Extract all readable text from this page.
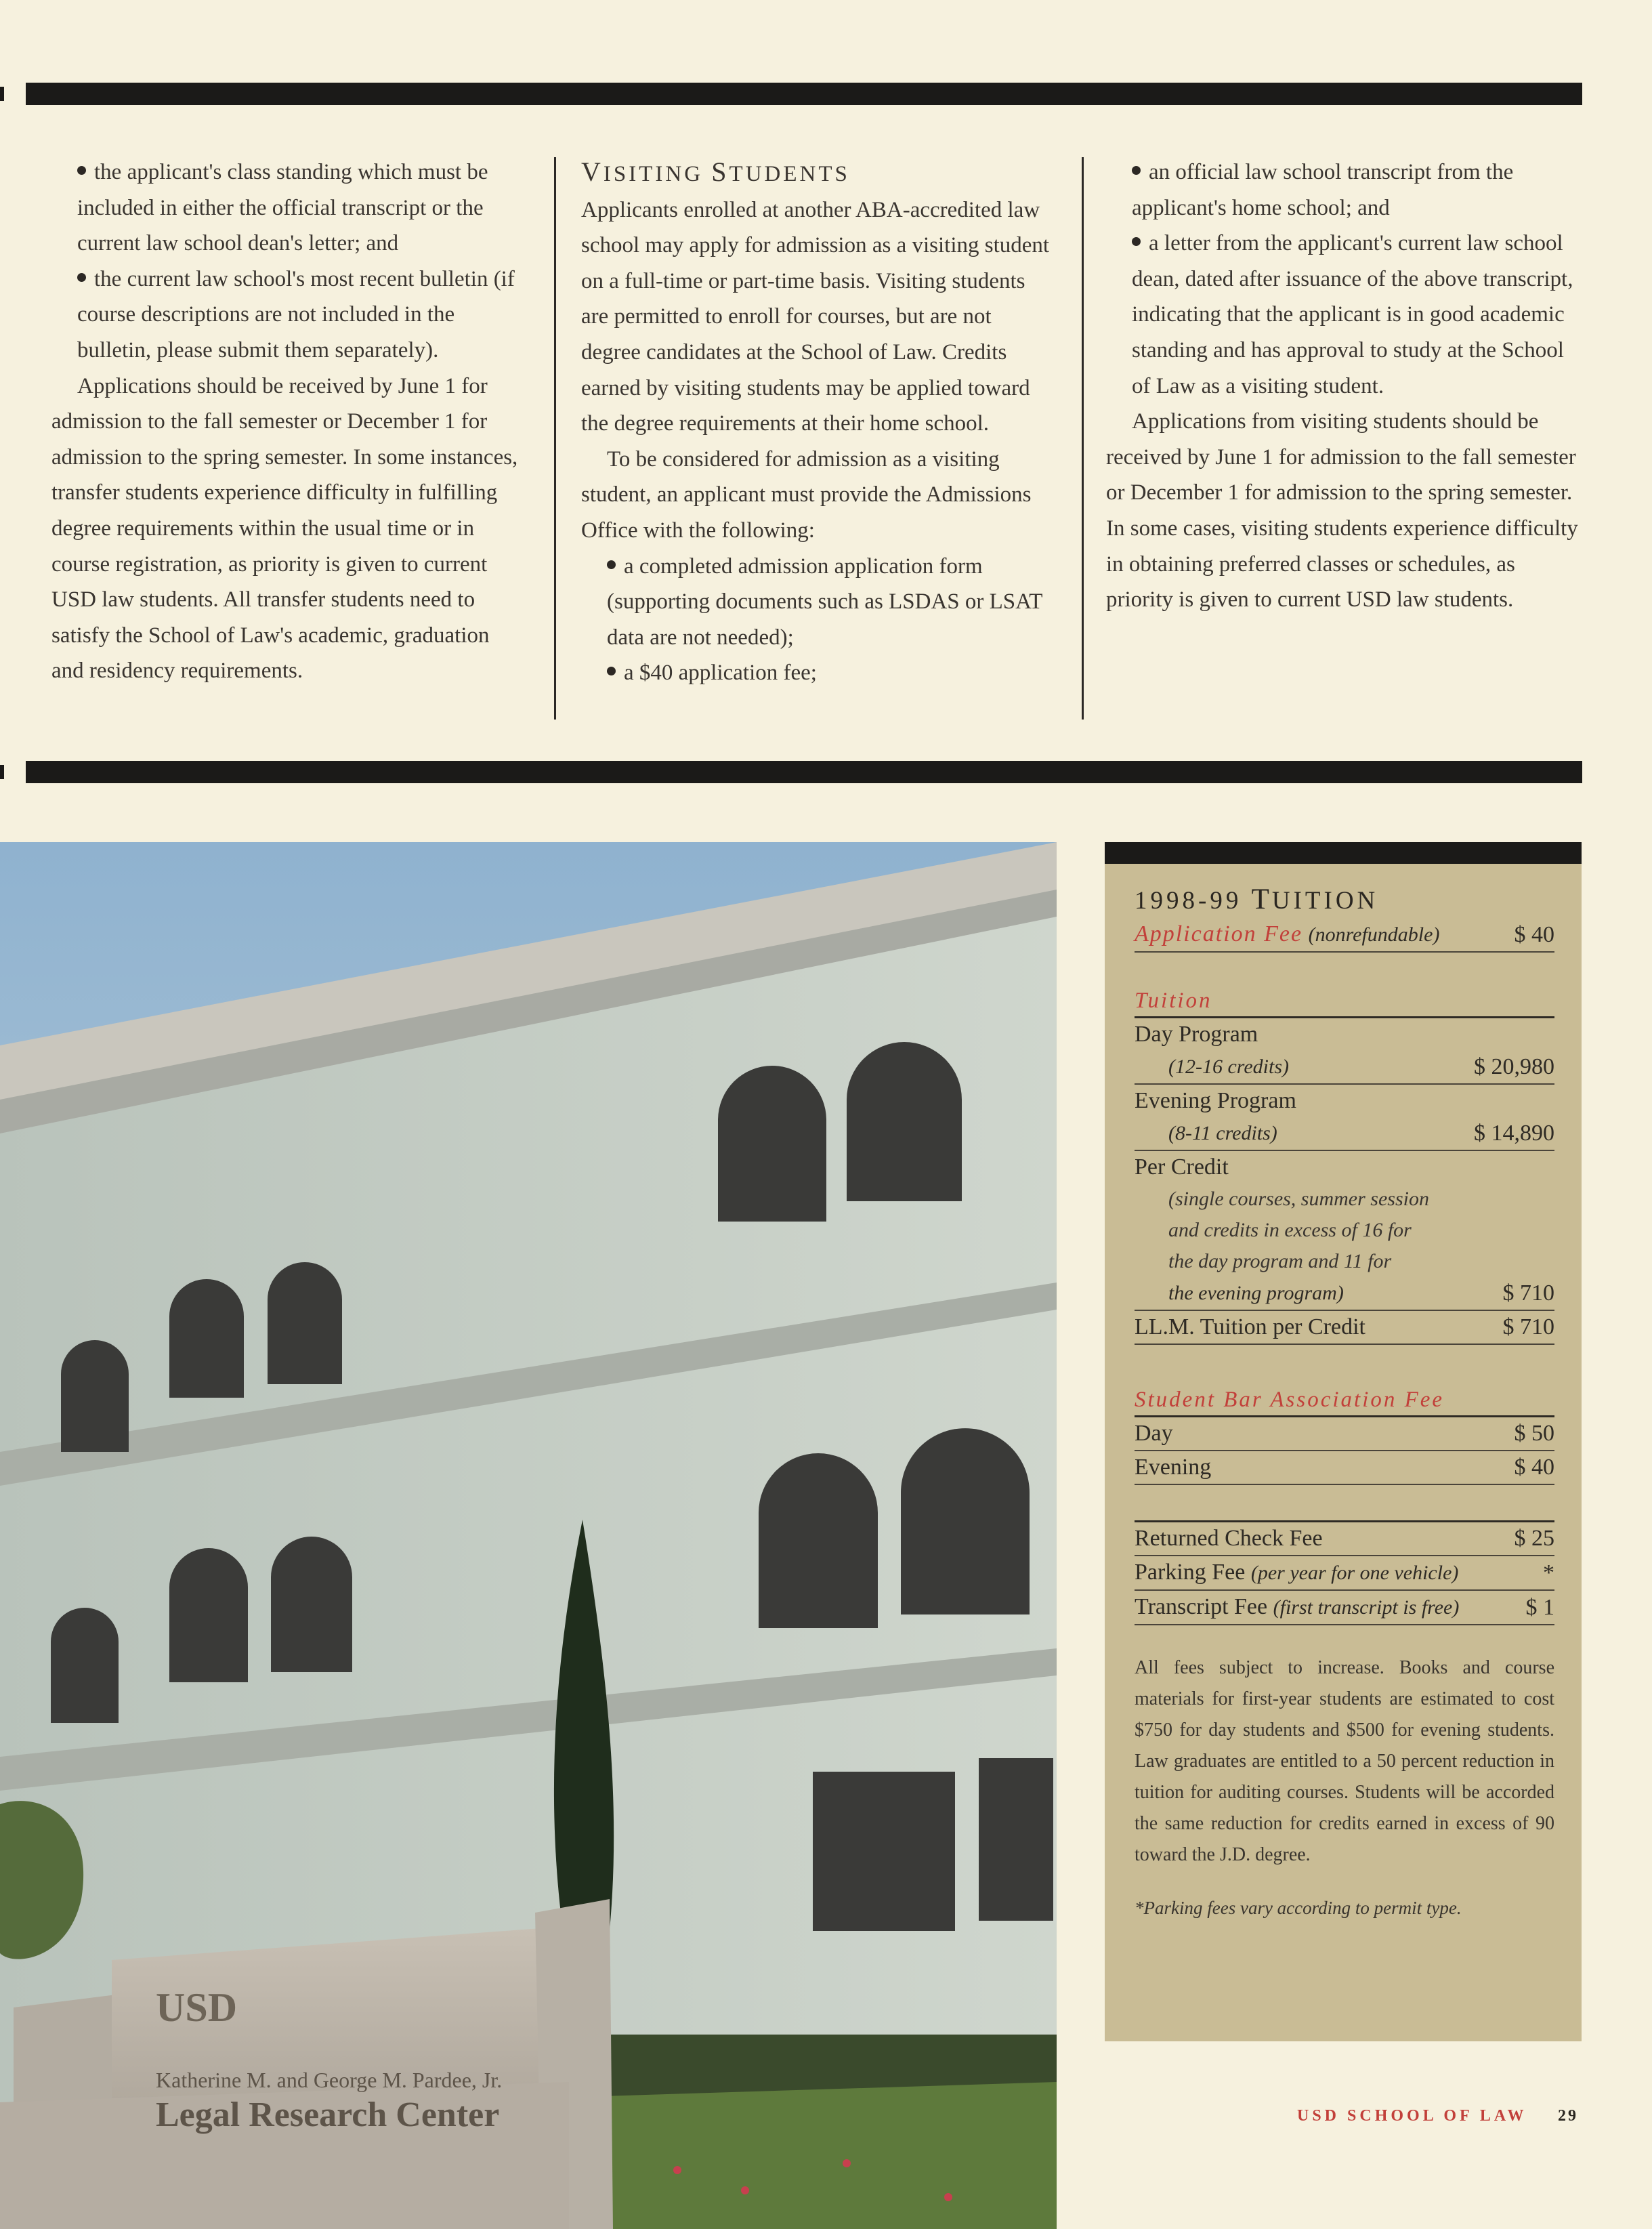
the applicant's class standing which must be included in either the official transcript or the current law school dean's letter; and

the current law school's most recent bulletin (if course descriptions are not included in the bulletin, please submit them separately).

Applications should be received by June 1 for admission to the fall semester or December 1 for admission to the spring semester. In some instances, transfer students experience difficulty in fulfilling degree requirements within the usual time or in course registration, as priority is given to current USD law students. All transfer students need to satisfy the School of Law's academic, graduation and residency requirements.

VISITING STUDENTS

Applicants enrolled at another ABA-accredited law school may apply for admission as a visiting student on a full-time or part-time basis. Visiting students are permitted to enroll for courses, but are not degree candidates at the School of Law. Credits earned by visiting students may be applied toward the degree requirements at their home school.

To be considered for admission as a visiting student, an applicant must provide the Admissions Office with the following:

a completed admission application form (supporting documents such as LSDAS or LSAT data are not needed);

a $40 application fee;

an official law school transcript from the applicant's home school; and

a letter from the applicant's current law school dean, dated after issuance of the above transcript, indicating that the applicant is in good academic standing and has approval to study at the School of Law as a visiting student.

Applications from visiting students should be received by June 1 for admission to the fall semester or December 1 for admission to the spring semester. In some cases, visiting students experience difficulty in obtaining preferred classes or schedules, as priority is given to current USD law students.

USD
Katherine M. and George M. Pardee, Jr.
Legal Research Center
1998-99 TUITION
Application Fee (nonrefundable)	$ 40
Tuition
Day Program
(12-16 credits)	$ 20,980
Evening Program
(8-11 credits)	$ 14,890
Per Credit
(single courses, summer session
and credits in excess of 16 for
the day program and 11 for
the evening program)	$ 710
LL.M. Tuition per Credit	$ 710
Student Bar Association Fee
Day	$ 50
Evening	$ 40
Returned Check Fee	$ 25
Parking Fee (per year for one vehicle)	*
Transcript Fee (first transcript is free)	$ 1
All fees subject to increase. Books and course materials for first-year students are estimated to cost $750 for day students and $500 for evening students. Law graduates are entitled to a 50 percent reduction in tuition for auditing courses. Students will be accorded the same reduction for credits earned in excess of 90 toward the J.D. degree.
*Parking fees vary according to permit type.
USD SCHOOL OF LAW 29
